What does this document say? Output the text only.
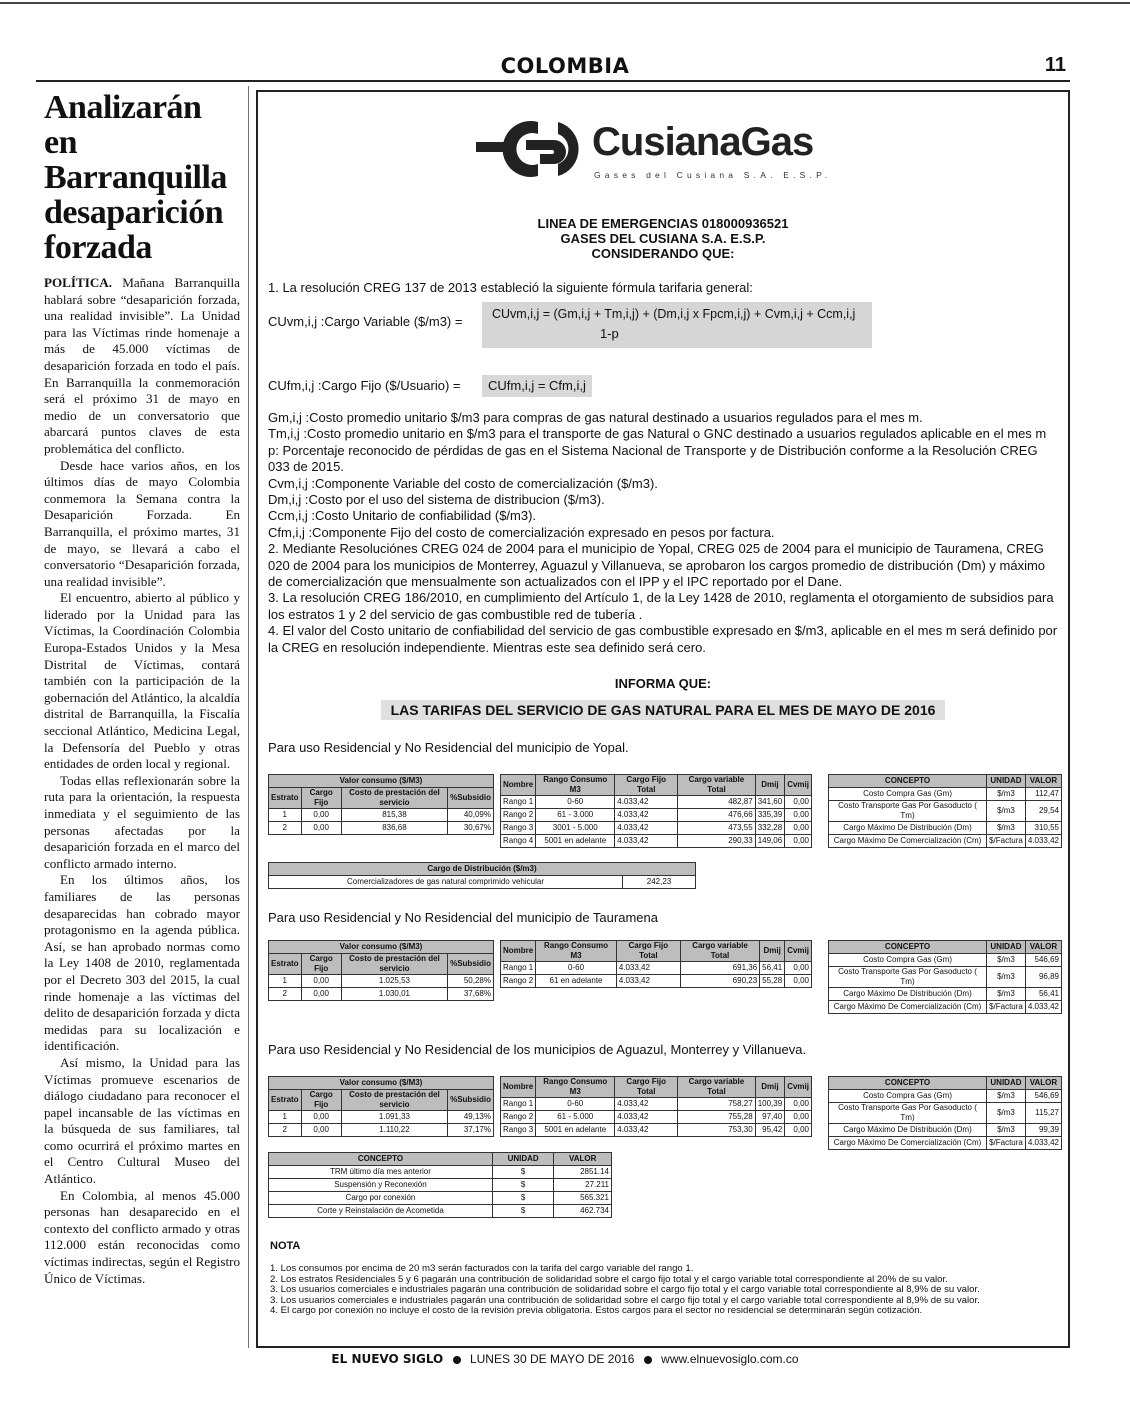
COLOMBIA	11
Analizarán en Barranquilla desaparición forzada

POLÍTICA. Mañana Barranquilla hablará sobre “desaparición forzada, una realidad invisible”. La Unidad para las Víctimas rinde homenaje a más de 45.000 víctimas de desaparición forzada en todo el país. En Barranquilla la conmemoración será el próximo 31 de mayo en medio de un conversatorio que abarcará puntos claves de esta problemática del conflicto.

Desde hace varios años, en los últimos días de mayo Colombia conmemora la Semana contra la Desaparición Forzada. En Barranquilla, el próximo martes, 31 de mayo, se llevará a cabo el conversatorio “Desaparición forzada, una realidad invisible”.

El encuentro, abierto al público y liderado por la Unidad para las Víctimas, la Coordinación Colombia Europa-Estados Unidos y la Mesa Distrital de Víctimas, contará también con la participación de la gobernación del Atlántico, la alcaldía distrital de Barranquilla, la Fiscalía seccional Atlántico, Medicina Legal, la Defensoría del Pueblo y otras entidades de orden local y regional.

Todas ellas reflexionarán sobre la ruta para la orientación, la respuesta inmediata y el seguimiento de las personas afectadas por la desaparición forzada en el marco del conflicto armado interno.

En los últimos años, los familiares de las personas desaparecidas han cobrado mayor protagonismo en la agenda pública. Así, se han aprobado normas como la Ley 1408 de 2010, reglamentada por el Decreto 303 del 2015, la cual rinde homenaje a las víctimas del delito de desaparición forzada y dicta medidas para su localización e identificación.

Así mismo, la Unidad para las Víctimas promueve escenarios de diálogo ciudadano para reconocer el papel incansable de las víctimas en la búsqueda de sus familiares, tal como ocurrirá el próximo martes en el Centro Cultural Museo del Atlántico.

En Colombia, al menos 45.000 personas han desaparecido en el contexto del conflicto armado y otras 112.000 están reconocidas como víctimas indirectas, según el Registro Único de Víctimas.

CusianaGas
Gases del Cusiana S.A. E.S.P.
LINEA DE EMERGENCIAS 018000936521
GASES DEL CUSIANA S.A. E.S.P.
CONSIDERANDO QUE:
1. La resolución CREG 137 de 2013 estableció la siguiente fórmula tarifaria general:
CUvm,i,j :Cargo Variable ($/m3) = CUvm,i,j = (Gm,i,j + Tm,i,j) + (Dm,i,j x Fpcm,i,j) + Cvm,i,j + Ccm,i,j
1-p
CUfm,i,j :Cargo Fijo ($/Usuario) =	CUfm,i,j = Cfm,i,j
Gm,i,j :Costo promedio unitario $/m3 para compras de gas natural destinado a usuarios regulados para el mes m.
Tm,i,j :Costo promedio unitario en $/m3 para el transporte de gas Natural o GNC destinado a usuarios regulados aplicable en el mes m
p: Porcentaje reconocido de pérdidas de gas en el Sistema Nacional de Transporte y de Distribución conforme a la Resolución CREG 033 de 2015.
Cvm,i,j :Componente Variable del costo de comercialización ($/m3).
Dm,i,j :Costo por el uso del sistema de distribucion ($/m3).
Ccm,i,j :Costo Unitario de confiabilidad ($/m3).
Cfm,i,j :Componente Fijo del costo de comercialización expresado en pesos por factura.
2. Mediante Resoluciónes CREG 024 de 2004 para el municipio de Yopal, CREG 025 de 2004 para el municipio de Tauramena, CREG 020 de 2004 para los municipios de Monterrey, Aguazul y Villanueva, se aprobaron los cargos promedio de distribución (Dm) y máximo de comercialización que mensualmente son actualizados con el IPP y el IPC reportado por el Dane.
3. La resolución CREG 186/2010, en cumplimiento del Artículo 1, de la Ley 1428 de 2010, reglamenta el otorgamiento de subsidios para los estratos 1 y 2 del servicio de gas combustible red de tubería .
4. El valor del Costo unitario de confiabilidad del servicio de gas combustible expresado en $/m3, aplicable en el mes m será definido por la CREG en resolución independiente. Mientras este sea definido será cero.
INFORMA QUE:
LAS TARIFAS DEL SERVICIO DE GAS NATURAL PARA EL MES DE MAYO DE 2016
Para uso Residencial y No Residencial del municipio de Yopal.
Valor consumo ($/M3)			
Estrato	Cargo Fijo	Costo de prestación del servicio	%Subsidio
1	0,00	815,38	40,09%
2	0,00	836,68	30,67%
Nombre	Rango Consumo M3	Cargo Fijo Total	Cargo variable Total	Dmij	Cvmij
Rango 1	0-60	4.033,42	482,87	341,60	0,00
Rango 2	61 - 3.000	4.033,42	476,66	335,39	0,00
Rango 3	3001 - 5.000	4.033,42	473,55	332,28	0,00
Rango 4	5001 en adelante	4.033,42	290,33	149,06	0,00
CONCEPTO	UNIDAD	VALOR
Costo Compra Gas (Gm)	$/m3	112,47
Costo Transporte Gas Por Gasoducto ( Tm)	$/m3	29,54
Cargo Máximo De Distribución (Dm)	$/m3	310,55
Cargo Máximo De Comercialización (Cm)	$/Factura	4.033,42
Cargo de Distribución ($/m3)
Comercializadores de gas natural comprimido vehicular	242,23
Para uso Residencial y No Residencial del municipio de Tauramena
Valor consumo ($/M3)			
Estrato	Cargo Fijo	Costo de prestación del servicio	%Subsidio
1	0,00	1.025,53	50,28%
2	0,00	1.030,01	37,68%
Nombre	Rango Consumo M3	Cargo Fijo Total	Cargo variable Total	Dmij	Cvmij
Rango 1	0-60	4.033,42	691,36	56,41	0,00
Rango 2	61 en adelante	4.033,42	690,23	55,28	0,00
CONCEPTO	UNIDAD	VALOR
Costo Compra Gas (Gm)	$/m3	546,69
Costo Transporte Gas Por Gasoducto ( Tm)	$/m3	96,89
Cargo Máximo De Distribución (Dm)	$/m3	56,41
Cargo Máximo De Comercialización (Cm)	$/Factura	4.033,42
Para uso Residencial y No Residencial de los municipios de Aguazul, Monterrey y Villanueva.
Valor consumo ($/M3)			
Estrato	Cargo Fijo	Costo de prestación del servicio	%Subsidio
1	0,00	1.091,33	49,13%
2	0,00	1.110,22	37,17%
Nombre	Rango Consumo M3	Cargo Fijo Total	Cargo variable Total	Dmij	Cvmij
Rango 1	0-60	4.033,42	758,27	100,39	0,00
Rango 2	61 - 5.000	4.033,42	755,28	97,40	0,00
Rango 3	5001 en adelante	4.033,42	753,30	95,42	0,00
CONCEPTO	UNIDAD	VALOR
Costo Compra Gas (Gm)	$/m3	546,69
Costo Transporte Gas Por Gasoducto ( Tm)	$/m3	115,27
Cargo Máximo De Distribución (Dm)	$/m3	99,39
Cargo Máximo De Comercialización (Cm)	$/Factura	4.033,42
CONCEPTO	UNIDAD	VALOR
TRM último día mes anterior	$	2851.14
Suspensión y Reconexión	$	27.211
Cargo por conexión	$	565.321
Corte y Reinstalación de Acometida	$	462.734
NOTA
1. Los consumos por encima de 20 m3 serán facturados con la tarifa del cargo variable del rango 1.
2. Los estratos Residenciales 5 y 6 pagarán una contribución de solidaridad sobre el cargo fijo total y el cargo variable total correspondiente al 20% de su valor.
3. Los usuarios comerciales e industriales pagarán una contribución de solidaridad sobre el cargo fijo total y el cargo variable total correspondiente al 8,9% de su valor.
3. Los usuarios comerciales e industriales pagarán una contribución de solidaridad sobre el cargo fijo total y el cargo variable total correspondiente al 8,9% de su valor.
4. El cargo por conexión no incluye el costo de la revisión previa obligatoria. Estos cargos para el sector no residencial se determinarán según cotización.
EL NUEVO SIGLO LUNES 30 DE MAYO DE 2016 www.elnuevosiglo.com.co
